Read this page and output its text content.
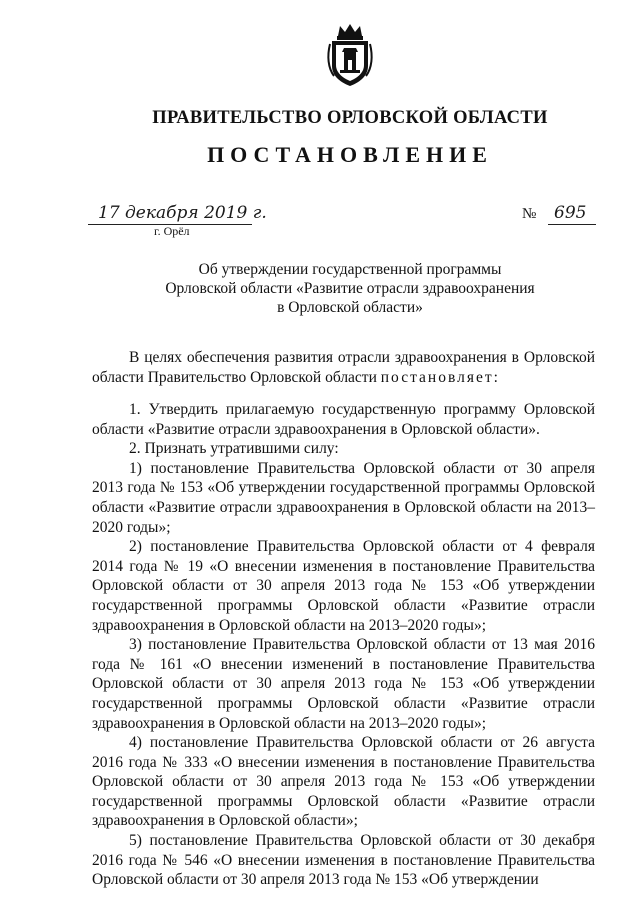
ПРАВИТЕЛЬСТВО ОРЛОВСКОЙ ОБЛАСТИ
ПОСТАНОВЛЕНИЕ
17 декабря 2019 г.
г. Орёл
№ 695
Об утверждении государственной программы
Орловской области «Развитие отрасли здравоохранения
в Орловской области»

В целях обеспечения развития отрасли здравоохранения в Орловской области Правительство Орловской области постановляет:

1. Утвердить прилагаемую государственную программу Орловской области «Развитие отрасли здравоохранения в Орловской области».

2. Признать утратившими силу:

1) постановление Правительства Орловской области от 30 апреля 2013 года № 153 «Об утверждении государственной программы Орловской области «Развитие отрасли здравоохранения в Орловской области на 2013–2020 годы»;

2) постановление Правительства Орловской области от 4 февраля 2014 года № 19 «О внесении изменения в постановление Правительства Орловской области от 30 апреля 2013 года № 153 «Об утверждении государственной программы Орловской области «Развитие отрасли здравоохранения в Орловской области на 2013–2020 годы»;

3) постановление Правительства Орловской области от 13 мая 2016 года № 161 «О внесении изменений в постановление Правительства Орловской области от 30 апреля 2013 года № 153 «Об утверждении государственной программы Орловской области «Развитие отрасли здравоохранения в Орловской области на 2013–2020 годы»;

4) постановление Правительства Орловской области от 26 августа 2016 года № 333 «О внесении изменения в постановление Правительства Орловской области от 30 апреля 2013 года № 153 «Об утверждении государственной программы Орловской области «Развитие отрасли здравоохранения в Орловской области»;

5) постановление Правительства Орловской области от 30 декабря 2016 года № 546 «О внесении изменения в постановление Правительства Орловской области от 30 апреля 2013 года № 153 «Об утверждении
